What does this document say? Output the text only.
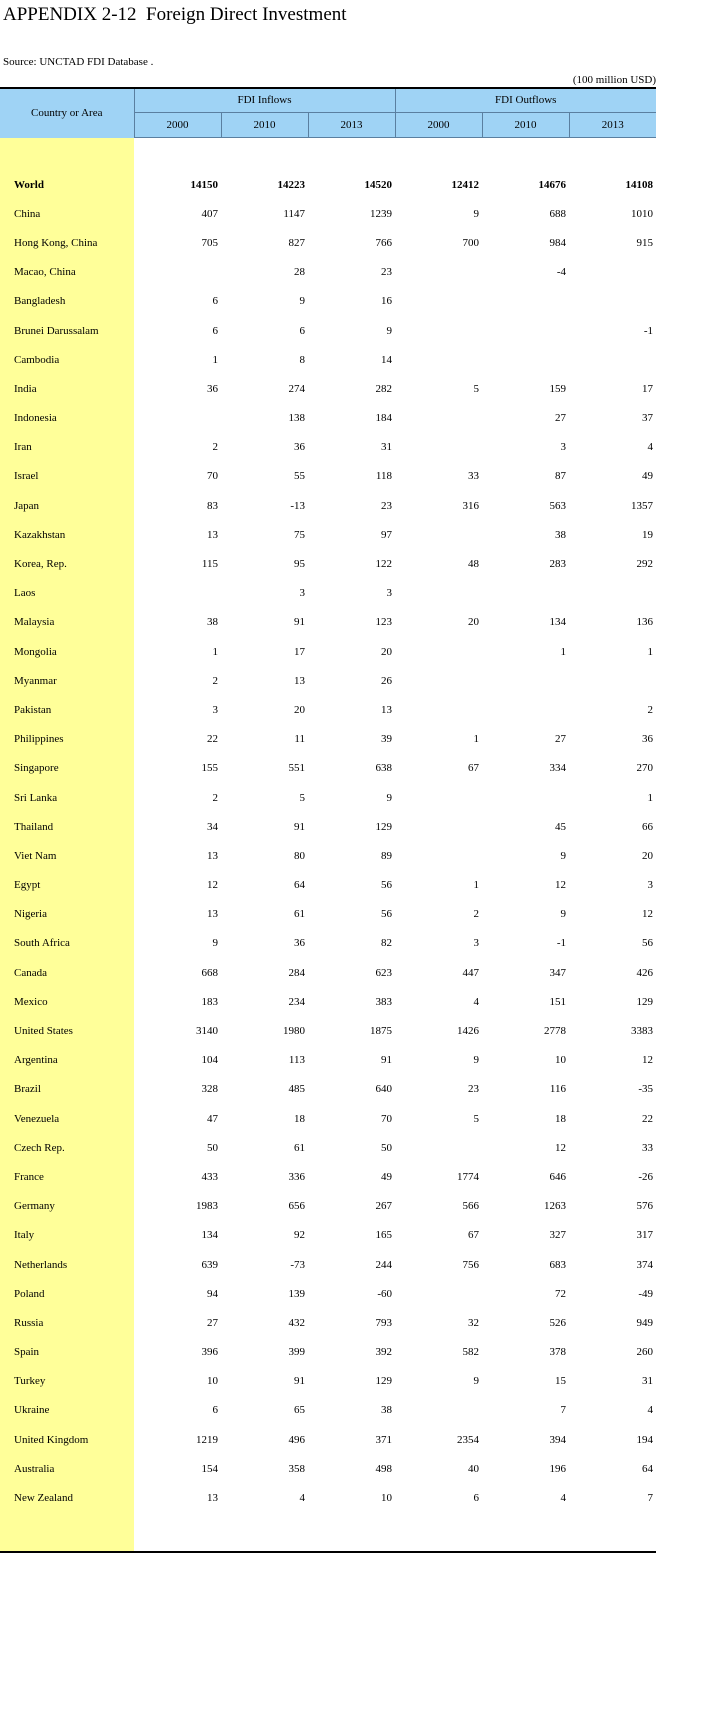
APPENDIX 2-12  Foreign Direct Investment
Source: UNCTAD FDI Database .
(100 million USD)
Country or Area	FDI Inflows			FDI Outflows		
	2000	2010	2013	2000	2010	2013

World	14150	14223	14520	12412	14676	14108
China	407	1147	1239	9	688	1010
Hong Kong, China	705	827	766	700	984	915
Macao, China		28	23		-4	
Bangladesh	6	9	16			
Brunei Darussalam	6	6	9			-1
Cambodia	1	8	14			
India	36	274	282	5	159	17
Indonesia		138	184		27	37
Iran	2	36	31		3	4
Israel	70	55	118	33	87	49
Japan	83	-13	23	316	563	1357
Kazakhstan	13	75	97		38	19
Korea, Rep.	115	95	122	48	283	292
Laos		3	3			
Malaysia	38	91	123	20	134	136
Mongolia	1	17	20		1	1
Myanmar	2	13	26			
Pakistan	3	20	13			2
Philippines	22	11	39	1	27	36
Singapore	155	551	638	67	334	270
Sri Lanka	2	5	9			1
Thailand	34	91	129		45	66
Viet Nam	13	80	89		9	20
Egypt	12	64	56	1	12	3
Nigeria	13	61	56	2	9	12
South Africa	9	36	82	3	-1	56
Canada	668	284	623	447	347	426
Mexico	183	234	383	4	151	129
United States	3140	1980	1875	1426	2778	3383
Argentina	104	113	91	9	10	12
Brazil	328	485	640	23	116	-35
Venezuela	47	18	70	5	18	22
Czech Rep.	50	61	50		12	33
France	433	336	49	1774	646	-26
Germany	1983	656	267	566	1263	576
Italy	134	92	165	67	327	317
Netherlands	639	-73	244	756	683	374
Poland	94	139	-60		72	-49
Russia	27	432	793	32	526	949
Spain	396	399	392	582	378	260
Turkey	10	91	129	9	15	31
Ukraine	6	65	38		7	4
United Kingdom	1219	496	371	2354	394	194
Australia	154	358	498	40	196	64
New Zealand	13	4	10	6	4	7
